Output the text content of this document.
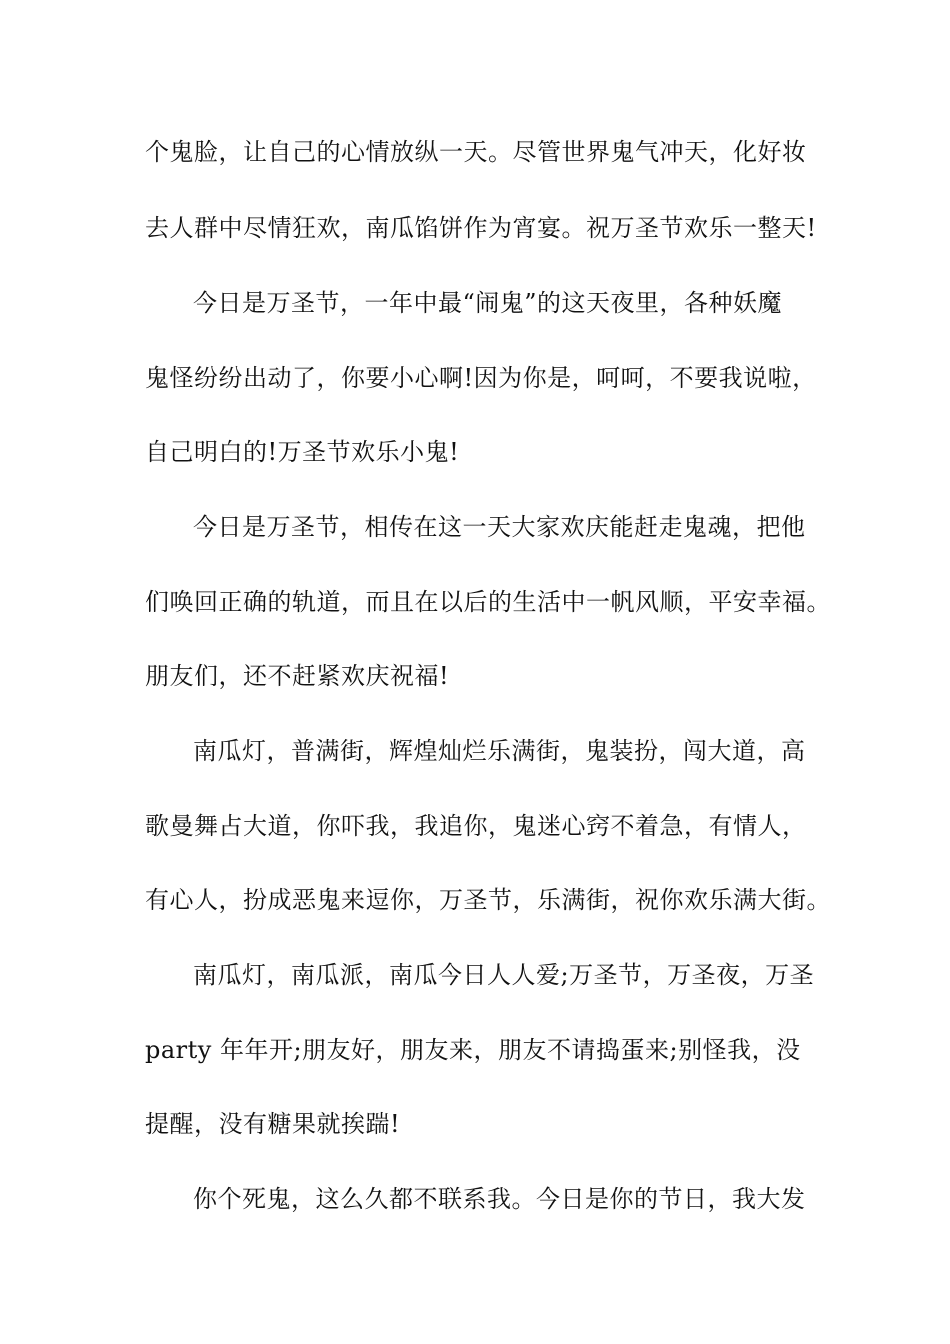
个鬼脸，让自己的心情放纵一天。尽管世界鬼气冲天，化好妆
去人群中尽情狂欢，南瓜馅饼作为宵宴。祝万圣节欢乐一整天!
今日是万圣节，一年中最“闹鬼”的这天夜里，各种妖魔
鬼怪纷纷出动了，你要小心啊!因为你是，呵呵，不要我说啦，
自己明白的!万圣节欢乐小鬼!
今日是万圣节，相传在这一天大家欢庆能赶走鬼魂，把他
们唤回正确的轨道，而且在以后的生活中一帆风顺，平安幸福。
朋友们，还不赶紧欢庆祝福!
南瓜灯，普满街，辉煌灿烂乐满街，鬼装扮，闯大道，高
歌曼舞占大道，你吓我，我追你，鬼迷心窍不着急，有情人，
有心人，扮成恶鬼来逗你，万圣节，乐满街，祝你欢乐满大街。
南瓜灯，南瓜派，南瓜今日人人爱;万圣节，万圣夜，万圣
party 年年开;朋友好，朋友来，朋友不请捣蛋来;别怪我，没
提醒，没有糖果就挨踹!
你个死鬼，这么久都不联系我。今日是你的节日，我大发
